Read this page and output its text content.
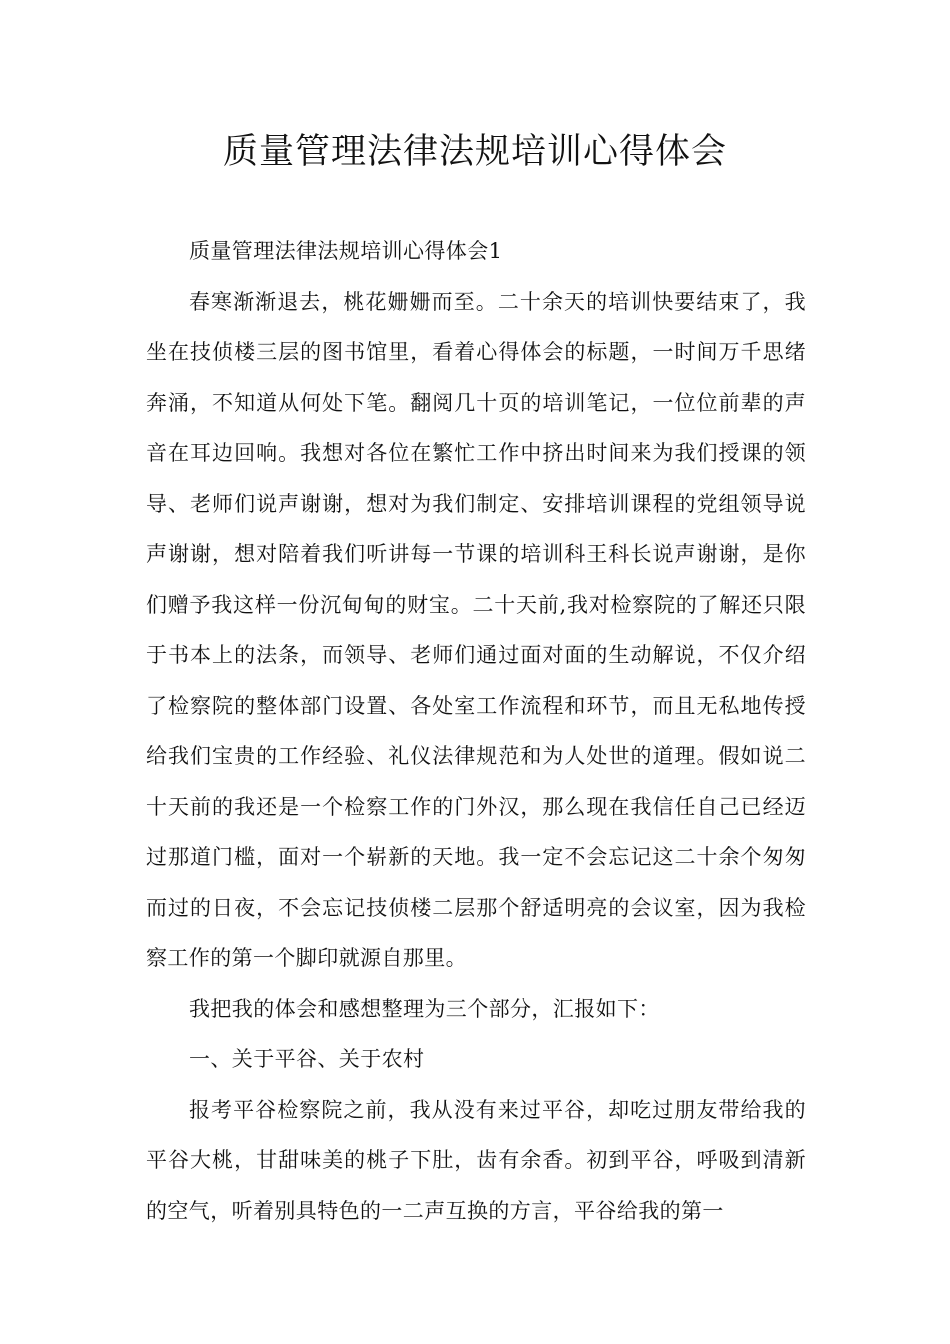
质量管理法律法规培训心得体会

质量管理法律法规培训心得体会1

春寒渐渐退去，桃花姗姗而至。二十余天的培训快要结束了，我坐在技侦楼三层的图书馆里，看着心得体会的标题，一时间万千思绪奔涌，不知道从何处下笔。翻阅几十页的培训笔记，一位位前辈的声音在耳边回响。我想对各位在繁忙工作中挤出时间来为我们授课的领导、老师们说声谢谢，想对为我们制定、安排培训课程的党组领导说声谢谢，想对陪着我们听讲每一节课的培训科王科长说声谢谢，是你们赠予我这样一份沉甸甸的财宝。二十天前,我对检察院的了解还只限于书本上的法条，而领导、老师们通过面对面的生动解说，不仅介绍了检察院的整体部门设置、各处室工作流程和环节，而且无私地传授给我们宝贵的工作经验、礼仪法律规范和为人处世的道理。假如说二十天前的我还是一个检察工作的门外汉，那么现在我信任自己已经迈过那道门槛，面对一个崭新的天地。我一定不会忘记这二十余个匆匆而过的日夜，不会忘记技侦楼二层那个舒适明亮的会议室，因为我检察工作的第一个脚印就源自那里。

我把我的体会和感想整理为三个部分，汇报如下：

一、关于平谷、关于农村

报考平谷检察院之前，我从没有来过平谷，却吃过朋友带给我的平谷大桃，甘甜味美的桃子下肚，齿有余香。初到平谷，呼吸到清新的空气，听着别具特色的一二声互换的方言，平谷给我的第一
